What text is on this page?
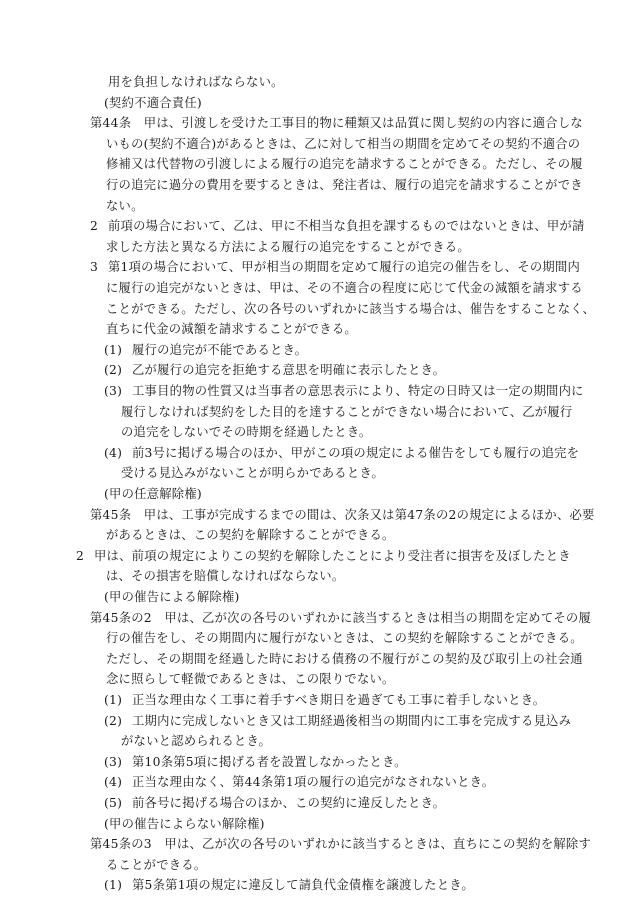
用を負担しなければならない。
(契約不適合責任)
第44条　甲は、引渡しを受けた工事目的物に種類又は品質に関し契約の内容に適合しな
いもの(契約不適合)があるときは、乙に対して相当の期間を定めてその契約不適合の
修補又は代替物の引渡しによる履行の追完を請求することができる。ただし、その履
行の追完に過分の費用を要するときは、発注者は、履行の追完を請求することができ
ない。
2 前項の場合において、乙は、甲に不相当な負担を課するものではないときは、甲が請
求した方法と異なる方法による履行の追完をすることができる。
3 第1項の場合において、甲が相当の期間を定めて履行の追完の催告をし、その期間内
に履行の追完がないときは、甲は、その不適合の程度に応じて代金の減額を請求する
ことができる。ただし、次の各号のいずれかに該当する場合は、催告をすることなく、
直ちに代金の減額を請求することができる。
(1) 履行の追完が不能であるとき。
(2) 乙が履行の追完を拒絶する意思を明確に表示したとき。
(3) 工事目的物の性質又は当事者の意思表示により、特定の日時又は一定の期間内に
履行しなければ契約をした目的を達することができない場合において、乙が履行
の追完をしないでその時期を経過したとき。
(4) 前3号に掲げる場合のほか、甲がこの項の規定による催告をしても履行の追完を
受ける見込みがないことが明らかであるとき。
(甲の任意解除権)
第45条　甲は、工事が完成するまでの間は、次条又は第47条の2の規定によるほか、必要
があるときは、この契約を解除することができる。
2 甲は、前項の規定によりこの契約を解除したことにより受注者に損害を及ぼしたとき
は、その損害を賠償しなければならない。
(甲の催告による解除権)
第45条の2　甲は、乙が次の各号のいずれかに該当するときは相当の期間を定めてその履
行の催告をし、その期間内に履行がないときは、この契約を解除することができる。
ただし、その期間を経過した時における債務の不履行がこの契約及び取引上の社会通
念に照らして軽微であるときは、この限りでない。
(1) 正当な理由なく工事に着手すべき期日を過ぎても工事に着手しないとき。
(2) 工期内に完成しないとき又は工期経過後相当の期間内に工事を完成する見込み
がないと認められるとき。
(3) 第10条第5項に掲げる者を設置しなかったとき。
(4) 正当な理由なく、第44条第1項の履行の追完がなされないとき。
(5) 前各号に掲げる場合のほか、この契約に違反したとき。
(甲の催告によらない解除権)
第45条の3　甲は、乙が次の各号のいずれかに該当するときは、直ちにこの契約を解除す
ることができる。
(1) 第5条第1項の規定に違反して請負代金債権を譲渡したとき。
